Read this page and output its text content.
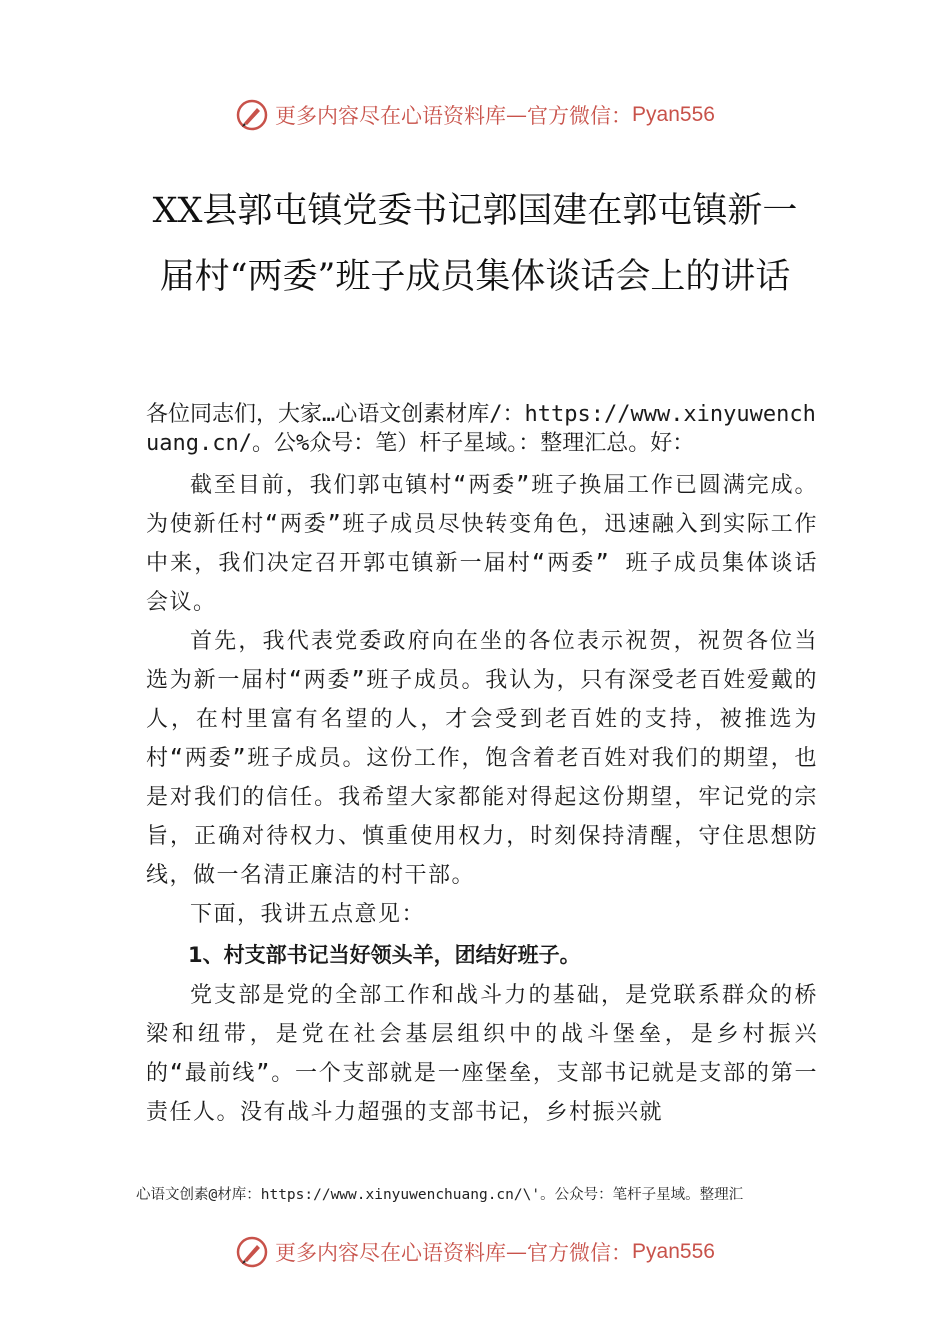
更多内容尽在心语资料库 — 官方微信： Pyan556
XX县郭屯镇党委书记郭国建在郭屯镇新一届村“两委”班子成员集体谈话会上的讲话

各位同志们，大家…心语文创素材库/：https://www.xinyuwenchuang.cn/。公%众号：笔）杆子星域。：整理汇总。好：

截至目前，我们郭屯镇村“两委”班子换届工作已圆满完成。为使新任村“两委”班子成员尽快转变角色，迅速融入到实际工作中来，我们决定召开郭屯镇新一届村“两委” 班子成员集体谈话会议。

首先，我代表党委政府向在坐的各位表示祝贺，祝贺各位当选为新一届村“两委”班子成员。我认为，只有深受老百姓爱戴的人，在村里富有名望的人，才会受到老百姓的支持，被推选为村“两委”班子成员。这份工作，饱含着老百姓对我们的期望，也是对我们的信任。我希望大家都能对得起这份期望，牢记党的宗旨，正确对待权力、慎重使用权力，时刻保持清醒，守住思想防线，做一名清正廉洁的村干部。

下面，我讲五点意见：

1、村支部书记当好领头羊，团结好班子。

党支部是党的全部工作和战斗力的基础，是党联系群众的桥梁和纽带，是党在社会基层组织中的战斗堡垒，是乡村振兴的“最前线”。一个支部就是一座堡垒，支部书记就是支部的第一责任人。没有战斗力超强的支部书记，乡村振兴就

心语文创素@材库：https://www.xinyuwenchuang.cn/\'。公众号：笔杆子星域。整理汇
更多内容尽在心语资料库 — 官方微信： Pyan556
